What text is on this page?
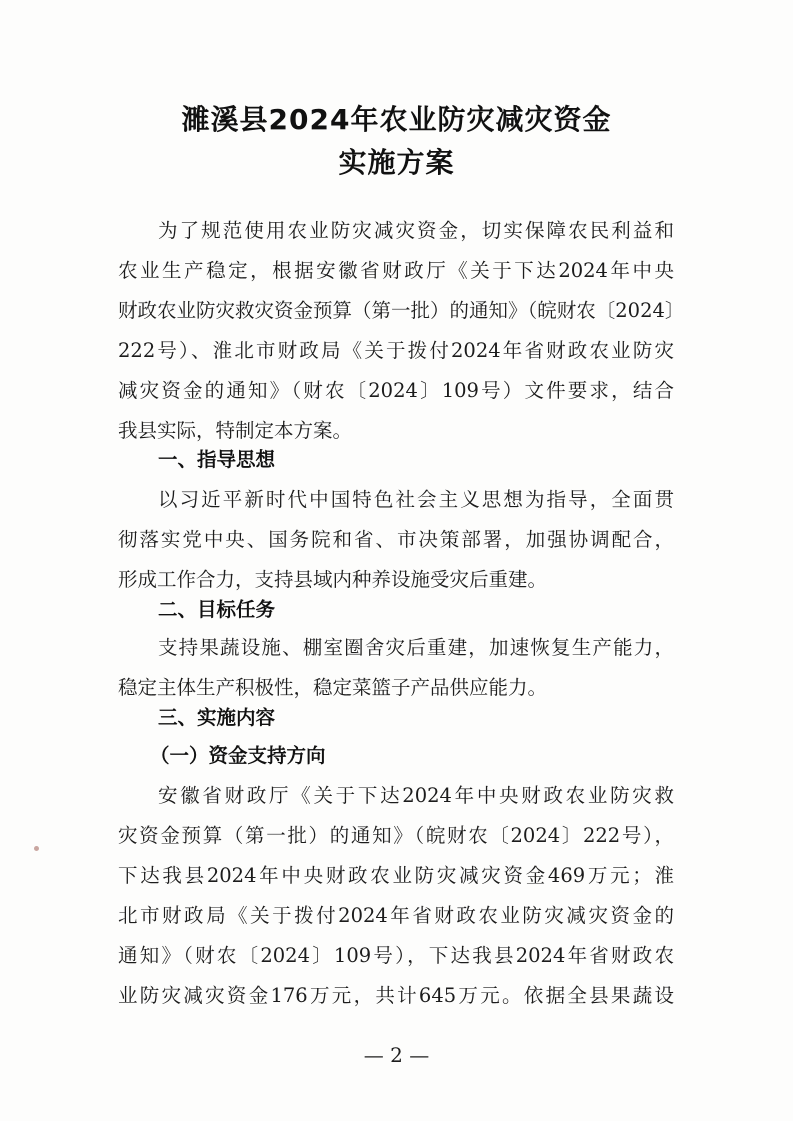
濉溪县2024年农业防灾减灾资金
实施方案
为了规范使用农业防灾减灾资金，切实保障农民利益和
农业生产稳定，根据安徽省财政厅《关于下达2024年中央
财政农业防灾救灾资金预算（第一批）的通知》（皖财农〔2024〕
222号）、淮北市财政局《关于拨付2024年省财政农业防灾
减灾资金的通知》（财农〔2024〕109号）文件要求，结合
我县实际，特制定本方案。
一、指导思想
以习近平新时代中国特色社会主义思想为指导，全面贯
彻落实党中央、国务院和省、市决策部署，加强协调配合，
形成工作合力，支持县域内种养设施受灾后重建。
二、目标任务
支持果蔬设施、棚室圈舍灾后重建，加速恢复生产能力，
稳定主体生产积极性，稳定菜篮子产品供应能力。
三、实施内容
（一）资金支持方向
安徽省财政厅《关于下达2024年中央财政农业防灾救
灾资金预算（第一批）的通知》（皖财农〔2024〕222号），
下达我县2024年中央财政农业防灾减灾资金469万元；淮
北市财政局《关于拨付2024年省财政农业防灾减灾资金的
通知》（财农〔2024〕109号），下达我县2024年省财政农
业防灾减灾资金176万元，共计645万元。依据全县果蔬设
— 2 —
